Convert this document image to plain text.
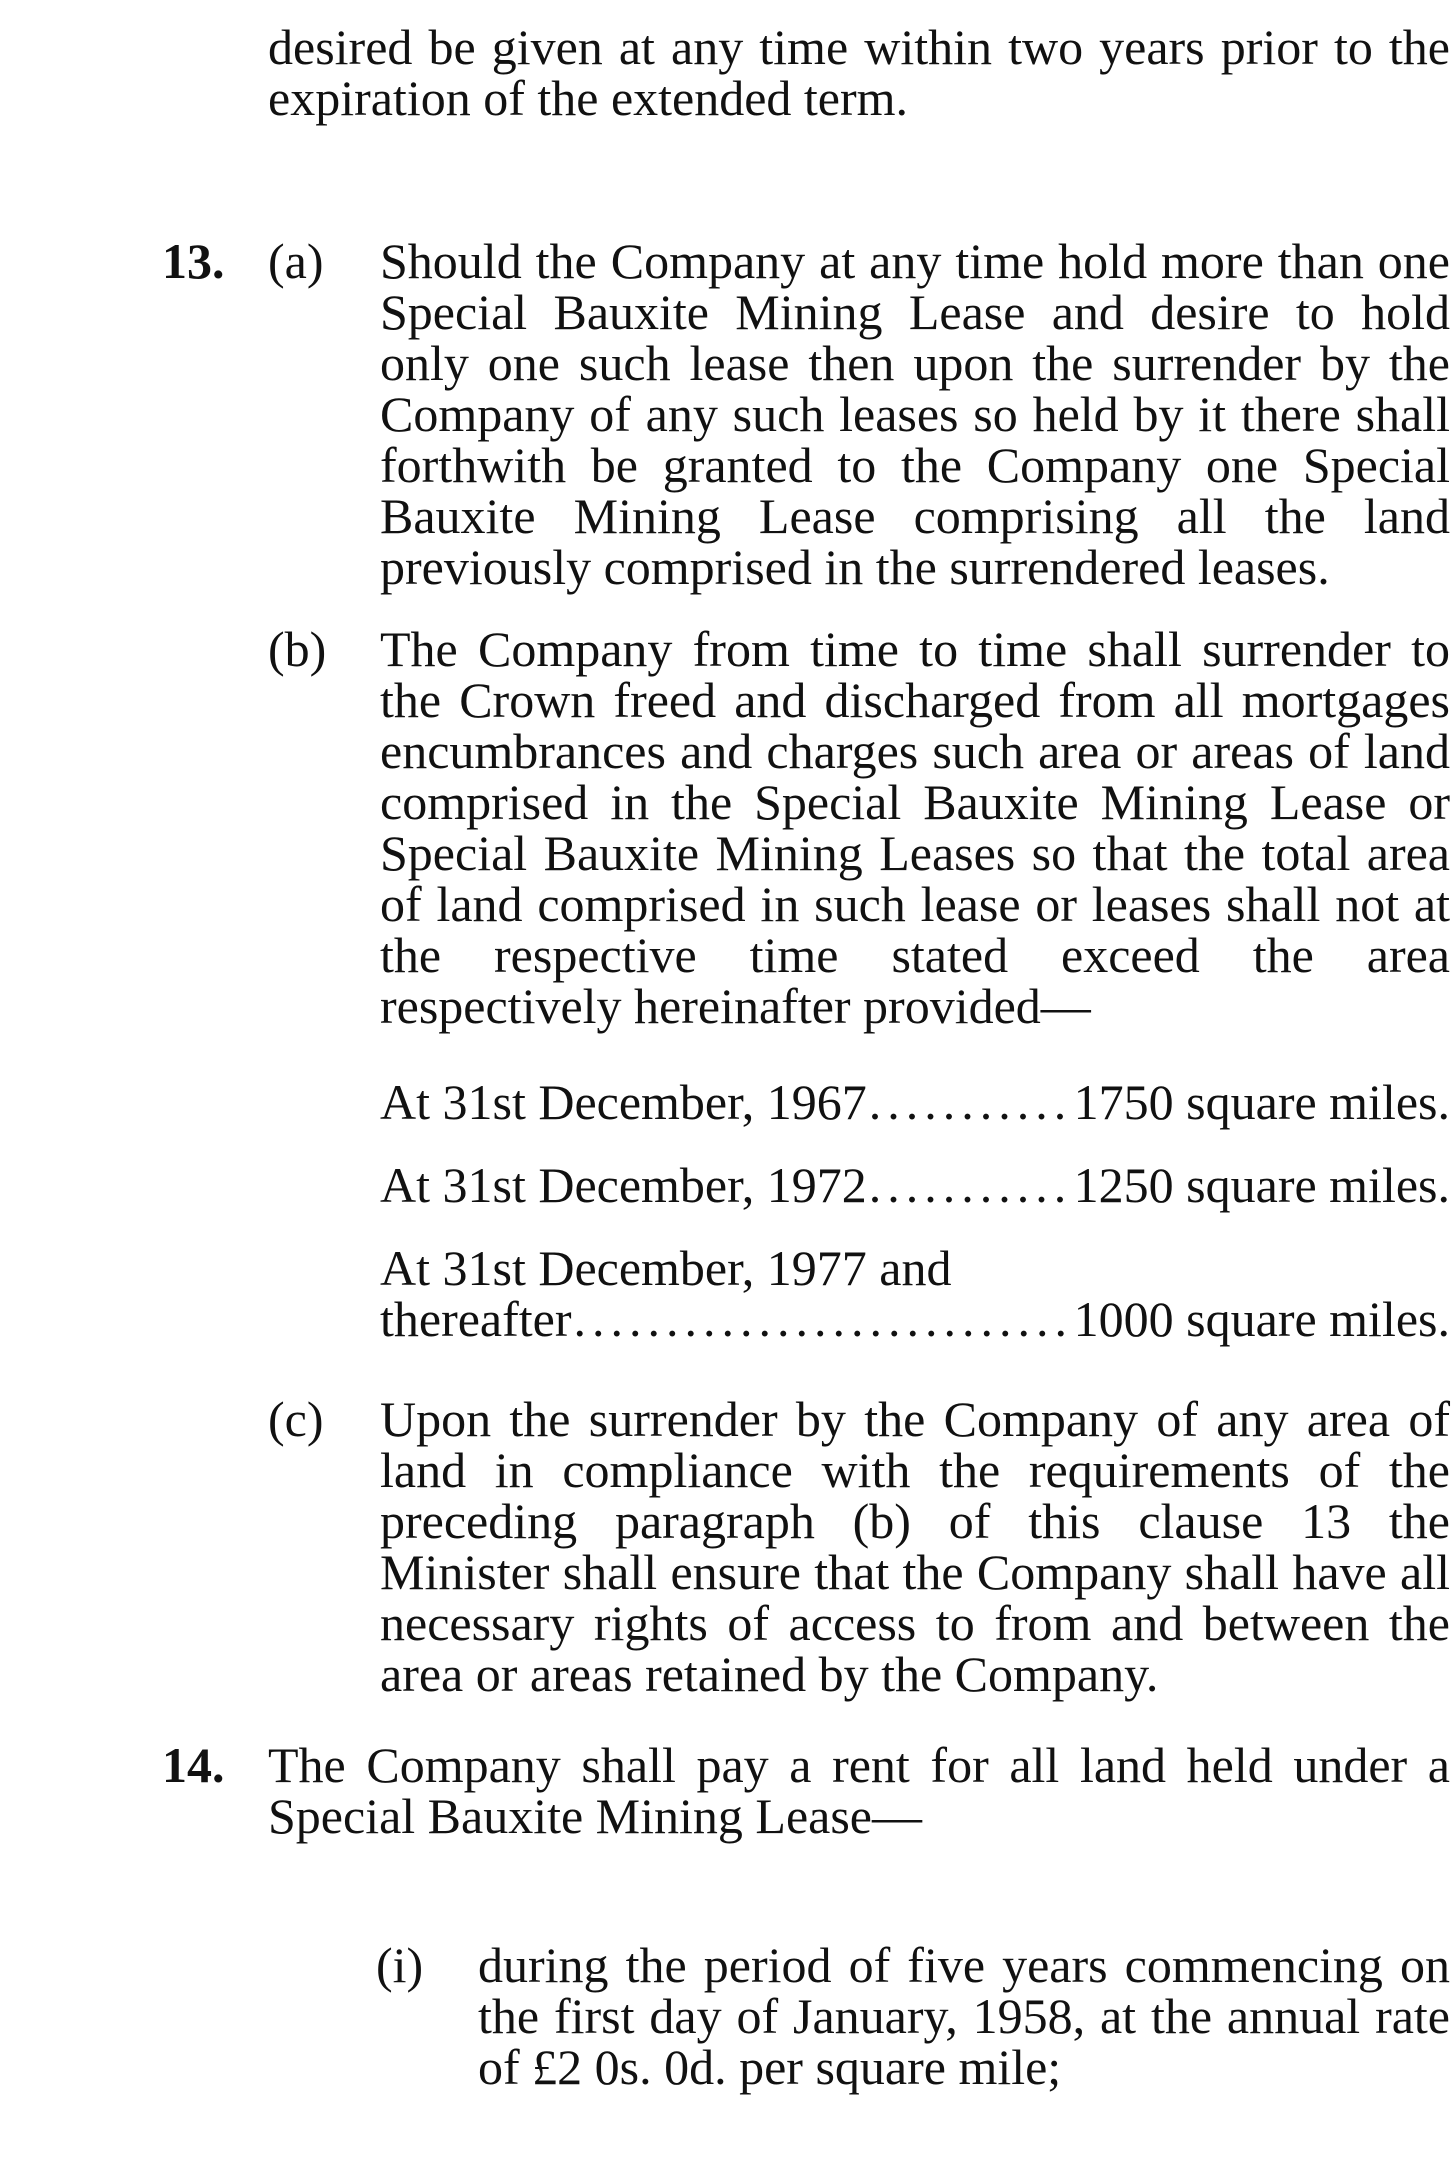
desired be given at any time within two years prior to the expiration of the extended term.
13. (a) Should the Company at any time hold more than one Special Bauxite Mining Lease and desire to hold only one such lease then upon the surrender by the Company of any such leases so held by it there shall forthwith be granted to the Company one Special Bauxite Mining Lease comprising all the land previously comprised in the surrendered leases.
(b) The Company from time to time shall surrender to the Crown freed and discharged from all mortgages encumbrances and charges such area or areas of land comprised in the Special Bauxite Mining Lease or Special Bauxite Mining Leases so that the total area of land comprised in such lease or leases shall not at the respective time stated exceed the area respectively hereinafter provided—
At 31st December, 1967 .....	1750 square miles.
At 31st December, 1972 .....	1250 square miles.
At 31st December, 1977 and
thereafter .....	1000 square miles.
(c) Upon the surrender by the Company of any area of land in compliance with the requirements of the preceding paragraph (b) of this clause 13 the Minister shall ensure that the Company shall have all necessary rights of access to from and between the area or areas retained by the Company.
14. The Company shall pay a rent for all land held under a Special Bauxite Mining Lease—
(i) during the period of five years commencing on the first day of January, 1958, at the annual rate of £2 0s. 0d. per square mile;
